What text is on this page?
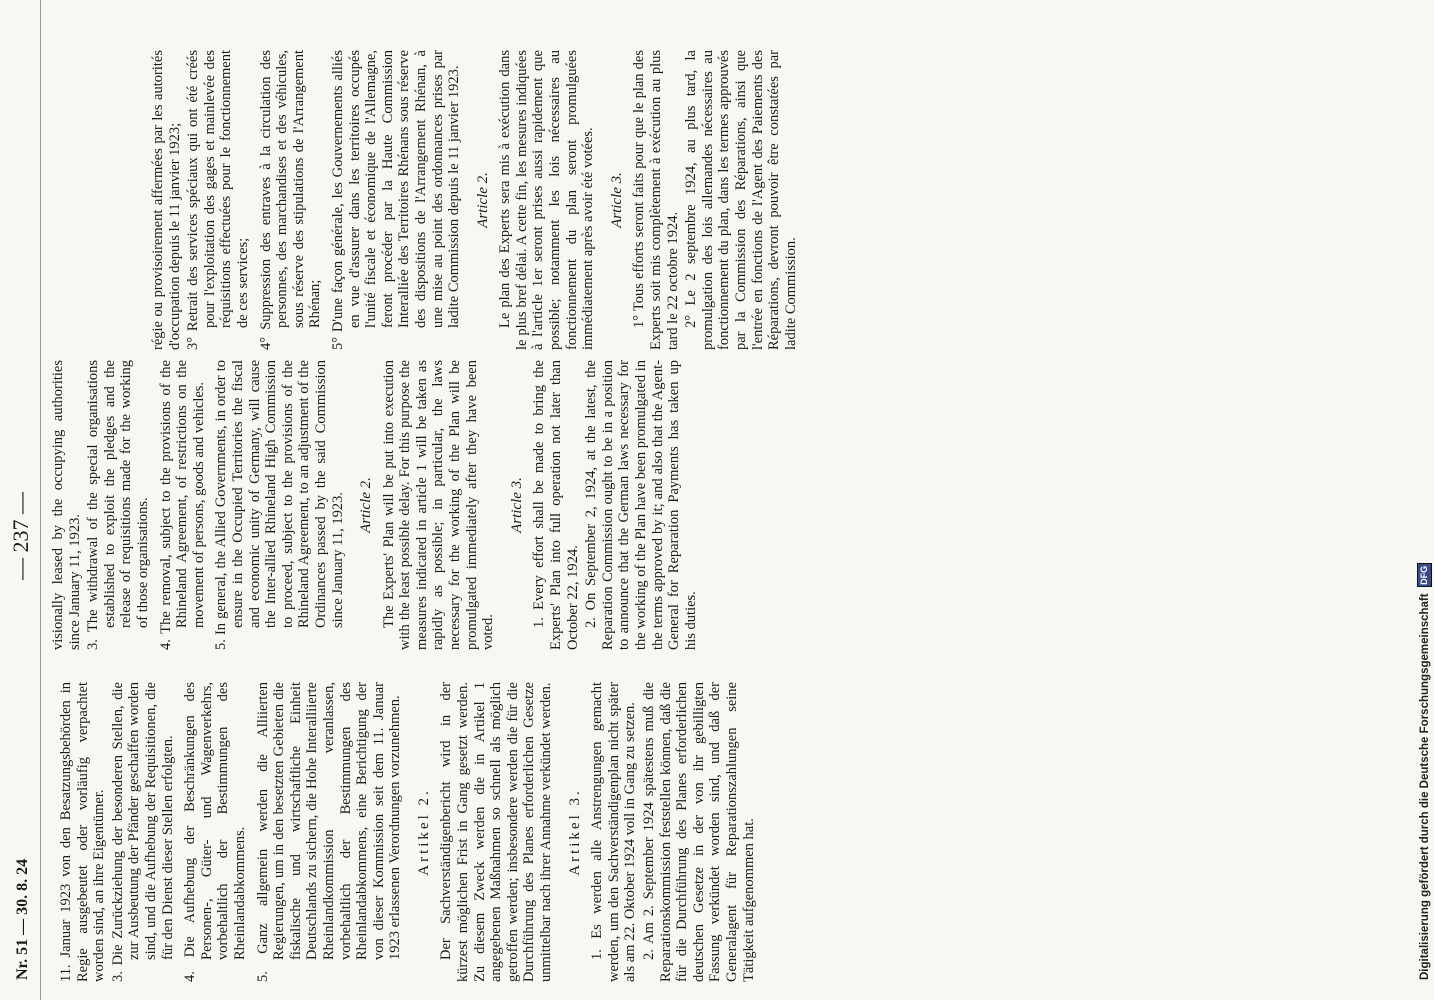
Nr. 51 — 30. 8. 24
— 237 —

11. Januar 1923 von den Besatzungsbehörden in Regie ausgebeutet oder vorläufig verpachtet worden sind, an ihre Eigentümer. 3. Die Zurückziehung der besonderen Stellen, die zur Ausbeutung der Pfänder geschaffen worden sind, und die Aufhebung der Requisitionen, die für den Dienst dieser Stellen erfolgten. 4. Die Aufhebung der Beschränkungen des Personen-, Güter- und Wagenverkehrs, vorbehaltlich der Bestimmungen des Rheinlandabkommens. 5. Ganz allgemein werden die Alliierten Regierungen, um in den besetzten Gebieten die fiskalische und wirtschaftliche Einheit Deutschlands zu sichern, die Hohe Interalliierte Rheinlandkommission veranlassen, vorbehaltlich der Bestimmungen des Rheinlandabkommens, eine Berichtigung der von dieser Kommission seit dem 11. Januar 1923 erlassenen Verordnungen vorzunehmen. Artikel 2. Der Sachverständigenbericht wird in der kürzest möglichen Frist in Gang gesetzt werden. Zu diesem Zweck werden die in Artikel 1 angegebenen Maßnahmen so schnell als möglich getroffen werden; insbesondere werden die für die Durchführung des Planes erforderlichen Gesetze unmittelbar nach ihrer Annahme verkündet werden. Artikel 3. 1. Es werden alle Anstrengungen gemacht werden, um den Sachverständigenplan nicht später als am 22. Oktober 1924 voll in Gang zu setzen. 2. Am 2. September 1924 spätestens muß die Reparationskommission feststellen können, daß die für die Durchführung des Planes erforderlichen deutschen Gesetze in der von ihr gebilligten Fassung verkündet worden sind, und daß der Generalagent für Reparationszahlungen seine Tätigkeit aufgenommen hat.

visionally leased by the occupying authorities since January 11, 1923. 3. The withdrawal of the special organisations established to exploit the pledges and the release of requisitions made for the working of those organisations. 4. The removal, subject to the provisions of the Rhineland Agreement, of restrictions on the movement of persons, goods and vehicles. 5. In general, the Allied Governments, in order to ensure in the Occupied Territories the fiscal and economic unity of Germany, will cause the Inter-allied Rhineland High Commission to proceed, subject to the provisions of the Rhineland Agreement, to an adjustment of the Ordinances passed by the said Commission since January 11, 1923. Article 2. The Experts' Plan will be put into execution with the least possible delay. For this purpose the measures indicated in article 1 will be taken as rapidly as possible; in particular, the laws necessary for the working of the Plan will be promulgated immediately after they have been voted.

Article 3. 1. Every effort shall be made to bring the Experts' Plan into full operation not later than October 22, 1924. 2. On September 2, 1924, at the latest, the Reparation Commission ought to be in a position to announce that the German laws necessary for the working of the Plan have been promulgated in the terms approved by it; and also that the Agent-General for Reparation Payments has taken up his duties.

régie ou provisoirement affermées par les autorités d'occupation depuis le 11 janvier 1923; 3° Retrait des services spéciaux qui ont été créés pour l'exploitation des gages et mainlevée des réquisitions effectuées pour le fonctionnement de ces services; 4° Suppression des entraves à la circulation des personnes, des marchandises et des véhicules, sous réserve des stipulations de l'Arrangement Rhénan; 5° D'une façon générale, les Gouvernements alliés en vue d'assurer dans les territoires occupés l'unité fiscale et économique de l'Allemagne, feront procéder par la Haute Commission Interalliée des Territoires Rhénans sous réserve des dispositions de l'Arrangement Rhénan, à une mise au point des ordonnances prises par ladite Commission depuis le 11 janvier 1923. Article 2. Le plan des Experts sera mis à exécution dans le plus bref délai. A cette fin, les mesures indiquées à l'article 1er seront prises aussi rapidement que possible; notamment les lois nécessaires au fonctionnement du plan seront promulguées immédiatement après avoir été votées. Article 3. 1° Tous efforts seront faits pour que le plan des Experts soit mis complètement à exécution au plus tard le 22 octobre 1924. 2° Le 2 septembre 1924, au plus tard, la promulgation des lois allemandes nécessaires au fonctionnement du plan, dans les termes approuvés par la Commission des Réparations, ainsi que l'entrée en fonctions de l'Agent des Paiements des Réparations, devront pouvoir être constatées par ladite Commission.

Digitalisierung gefördert durch die Deutsche Forschungsgemeinschaft
DFG
